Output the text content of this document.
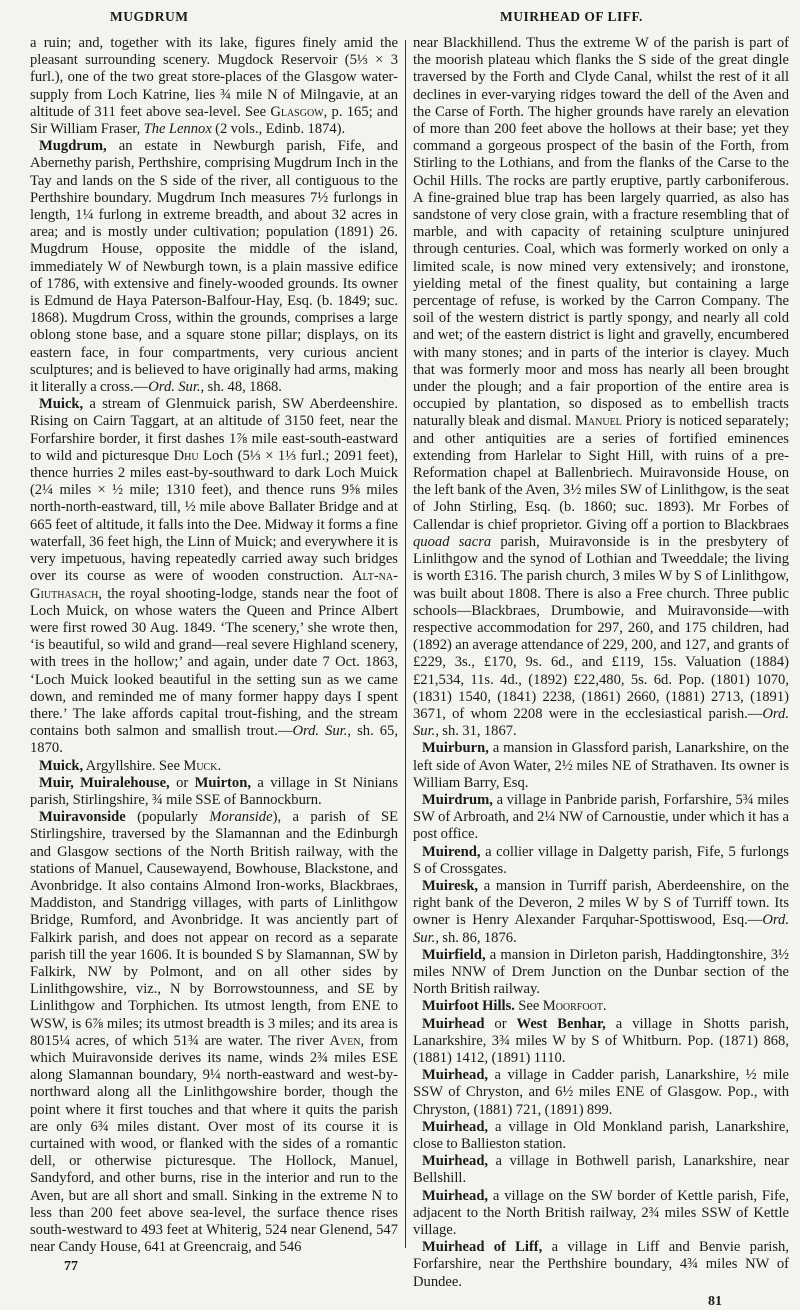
MUGDRUM	MUIRHEAD OF LIFF.

a ruin; and, together with its lake, figures finely amid the pleasant surrounding scenery. Mugdock Reservoir (5⅓ × 3 furl.), one of the two great store-places of the Glasgow water-supply from Loch Katrine, lies ¾ mile N of Milngavie, at an altitude of 311 feet above sea-level. See Glasgow, p. 165; and Sir William Fraser, The Lennox (2 vols., Edinb. 1874).

Mugdrum, an estate in Newburgh parish, Fife, and Abernethy parish, Perthshire, comprising Mugdrum Inch in the Tay and lands on the S side of the river, all contiguous to the Perthshire boundary. Mugdrum Inch measures 7½ furlongs in length, 1¼ furlong in extreme breadth, and about 32 acres in area; and is mostly under cultivation; population (1891) 26. Mugdrum House, opposite the middle of the island, immediately W of Newburgh town, is a plain massive edifice of 1786, with extensive and finely-wooded grounds. Its owner is Edmund de Haya Paterson-Balfour-Hay, Esq. (b. 1849; suc. 1868). Mugdrum Cross, within the grounds, comprises a large oblong stone base, and a square stone pillar; displays, on its eastern face, in four compartments, very curious ancient sculptures; and is believed to have originally had arms, making it literally a cross.—Ord. Sur., sh. 48, 1868.

Muick, a stream of Glenmuick parish, SW Aberdeenshire. Rising on Cairn Taggart, at an altitude of 3150 feet, near the Forfarshire border, it first dashes 1⅞ mile east-south-eastward to wild and picturesque Dhu Loch (5⅓ × 1⅓ furl.; 2091 feet), thence hurries 2 miles east-by-southward to dark Loch Muick (2¼ miles × ½ mile; 1310 feet), and thence runs 9⅝ miles north-north-eastward, till, ½ mile above Ballater Bridge and at 665 feet of altitude, it falls into the Dee. Midway it forms a fine waterfall, 36 feet high, the Linn of Muick; and everywhere it is very impetuous, having repeatedly carried away such bridges over its course as were of wooden construction. Alt-na-Giuthasach, the royal shooting-lodge, stands near the foot of Loch Muick, on whose waters the Queen and Prince Albert were first rowed 30 Aug. 1849. ‘The scenery,’ she wrote then, ‘is beautiful, so wild and grand—real severe Highland scenery, with trees in the hollow;’ and again, under date 7 Oct. 1863, ‘Loch Muick looked beautiful in the setting sun as we came down, and reminded me of many former happy days I spent there.’ The lake affords capital trout-fishing, and the stream contains both salmon and smallish trout.—Ord. Sur., sh. 65, 1870.

Muick, Argyllshire. See Muck.

Muir, Muiralehouse, or Muirton, a village in St Ninians parish, Stirlingshire, ¾ mile SSE of Bannockburn.

Muiravonside (popularly Moranside), a parish of SE Stirlingshire, traversed by the Slamannan and the Edinburgh and Glasgow sections of the North British railway, with the stations of Manuel, Causewayend, Bowhouse, Blackstone, and Avonbridge. It also contains Almond Iron-works, Blackbraes, Maddiston, and Standrigg villages, with parts of Linlithgow Bridge, Rumford, and Avonbridge. It was anciently part of Falkirk parish, and does not appear on record as a separate parish till the year 1606. It is bounded S by Slamannan, SW by Falkirk, NW by Polmont, and on all other sides by Linlithgowshire, viz., N by Borrowstounness, and SE by Linlithgow and Torphichen. Its utmost length, from ENE to WSW, is 6⅞ miles; its utmost breadth is 3 miles; and its area is 8015¼ acres, of which 51¾ are water. The river Aven, from which Muiravonside derives its name, winds 2¾ miles ESE along Slamannan boundary, 9¼ north-eastward and west-by-northward along all the Linlithgowshire border, though the point where it first touches and that where it quits the parish are only 6¾ miles distant. Over most of its course it is curtained with wood, or flanked with the sides of a romantic dell, or otherwise picturesque. The Hollock, Manuel, Sandyford, and other burns, rise in the interior and run to the Aven, but are all short and small. Sinking in the extreme N to less than 200 feet above sea-level, the surface thence rises south-westward to 493 feet at Whiterig, 524 near Glenend, 547 near Candy House, 641 at Greencraig, and 546

77

near Blackhillend. Thus the extreme W of the parish is part of the moorish plateau which flanks the S side of the great dingle traversed by the Forth and Clyde Canal, whilst the rest of it all declines in ever-varying ridges toward the dell of the Aven and the Carse of Forth. The higher grounds have rarely an elevation of more than 200 feet above the hollows at their base; yet they command a gorgeous prospect of the basin of the Forth, from Stirling to the Lothians, and from the flanks of the Carse to the Ochil Hills. The rocks are partly eruptive, partly carboniferous. A fine-grained blue trap has been largely quarried, as also has sandstone of very close grain, with a fracture resembling that of marble, and with capacity of retaining sculpture uninjured through centuries. Coal, which was formerly worked on only a limited scale, is now mined very extensively; and ironstone, yielding metal of the finest quality, but containing a large percentage of refuse, is worked by the Carron Company. The soil of the western district is partly spongy, and nearly all cold and wet; of the eastern district is light and gravelly, encumbered with many stones; and in parts of the interior is clayey. Much that was formerly moor and moss has nearly all been brought under the plough; and a fair proportion of the entire area is occupied by plantation, so disposed as to embellish tracts naturally bleak and dismal. Manuel Priory is noticed separately; and other antiquities are a series of fortified eminences extending from Harlelar to Sight Hill, with ruins of a pre-Reformation chapel at Ballenbriech. Muiravonside House, on the left bank of the Aven, 3½ miles SW of Linlithgow, is the seat of John Stirling, Esq. (b. 1860; suc. 1893). Mr Forbes of Callendar is chief proprietor. Giving off a portion to Blackbraes quoad sacra parish, Muiravonside is in the presbytery of Linlithgow and the synod of Lothian and Tweeddale; the living is worth £316. The parish church, 3 miles W by S of Linlithgow, was built about 1808. There is also a Free church. Three public schools—Blackbraes, Drumbowie, and Muiravonside—with respective accommodation for 297, 260, and 175 children, had (1892) an average attendance of 229, 200, and 127, and grants of £229, 3s., £170, 9s. 6d., and £119, 15s. Valuation (1884) £21,534, 11s. 4d., (1892) £22,480, 5s. 6d. Pop. (1801) 1070, (1831) 1540, (1841) 2238, (1861) 2660, (1881) 2713, (1891) 3671, of whom 2208 were in the ecclesiastical parish.—Ord. Sur., sh. 31, 1867.

Muirburn, a mansion in Glassford parish, Lanarkshire, on the left side of Avon Water, 2½ miles NE of Strathaven. Its owner is William Barry, Esq.

Muirdrum, a village in Panbride parish, Forfarshire, 5¾ miles SW of Arbroath, and 2¼ NW of Carnoustie, under which it has a post office.

Muirend, a collier village in Dalgetty parish, Fife, 5 furlongs S of Crossgates.

Muiresk, a mansion in Turriff parish, Aberdeenshire, on the right bank of the Deveron, 2 miles W by S of Turriff town. Its owner is Henry Alexander Farquhar-Spottiswood, Esq.—Ord. Sur., sh. 86, 1876.

Muirfield, a mansion in Dirleton parish, Haddingtonshire, 3½ miles NNW of Drem Junction on the Dunbar section of the North British railway.

Muirfoot Hills. See Moorfoot.

Muirhead or West Benhar, a village in Shotts parish, Lanarkshire, 3¾ miles W by S of Whitburn. Pop. (1871) 868, (1881) 1412, (1891) 1110.

Muirhead, a village in Cadder parish, Lanarkshire, ½ mile SSW of Chryston, and 6½ miles ENE of Glasgow. Pop., with Chryston, (1881) 721, (1891) 899.

Muirhead, a village in Old Monkland parish, Lanarkshire, close to Ballieston station.

Muirhead, a village in Bothwell parish, Lanarkshire, near Bellshill.

Muirhead, a village on the SW border of Kettle parish, Fife, adjacent to the North British railway, 2¾ miles SSW of Kettle village.

Muirhead of Liff, a village in Liff and Benvie parish, Forfarshire, near the Perthshire boundary, 4¾ miles NW of Dundee.

81
